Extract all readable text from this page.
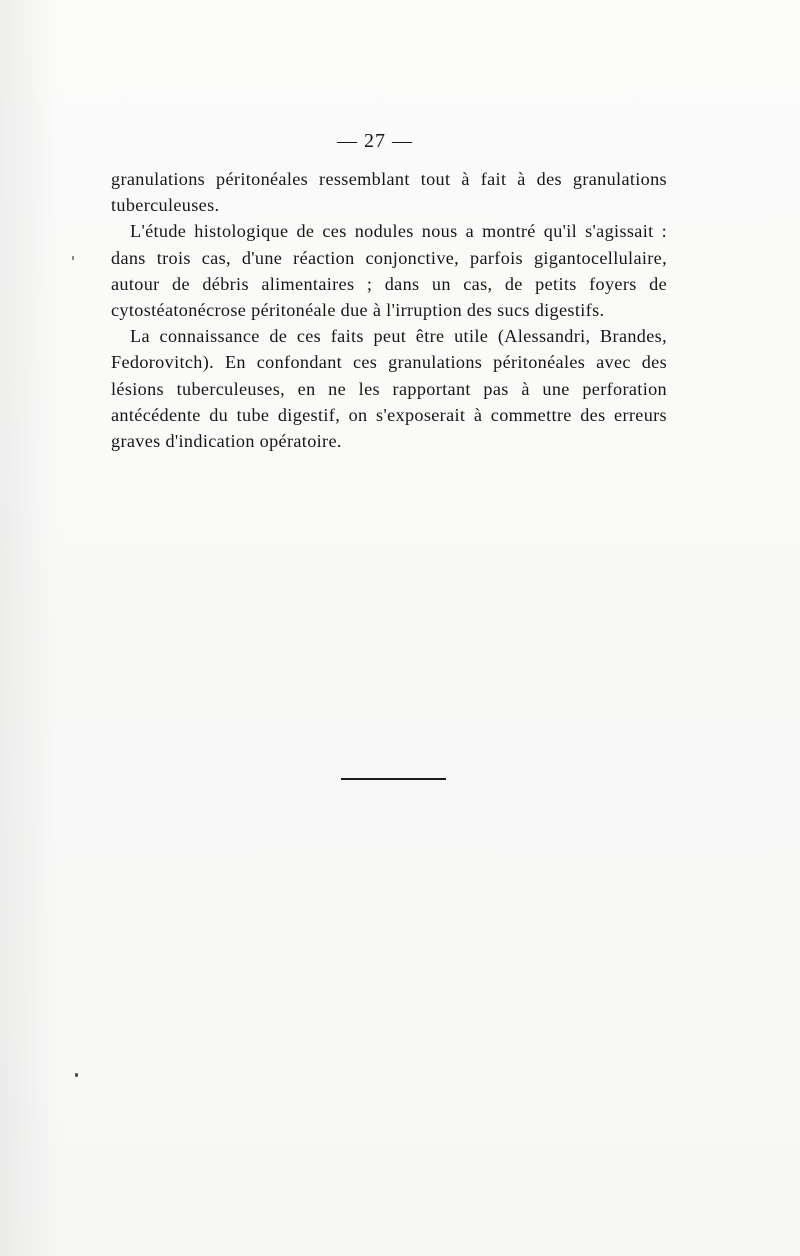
— 27 —

granulations péritonéales ressemblant tout à fait à des granulations tuberculeuses.

L'étude histologique de ces nodules nous a montré qu'il s'agissait : dans trois cas, d'une réaction conjonctive, parfois gigantocellulaire, autour de débris alimentaires ; dans un cas, de petits foyers de cytostéatonécrose péritonéale due à l'irruption des sucs digestifs.

La connaissance de ces faits peut être utile (Alessandri, Brandes, Fedorovitch). En confondant ces granulations péritonéales avec des lésions tuberculeuses, en ne les rapportant pas à une perforation antécédente du tube digestif, on s'exposerait à commettre des erreurs graves d'indication opératoire.
